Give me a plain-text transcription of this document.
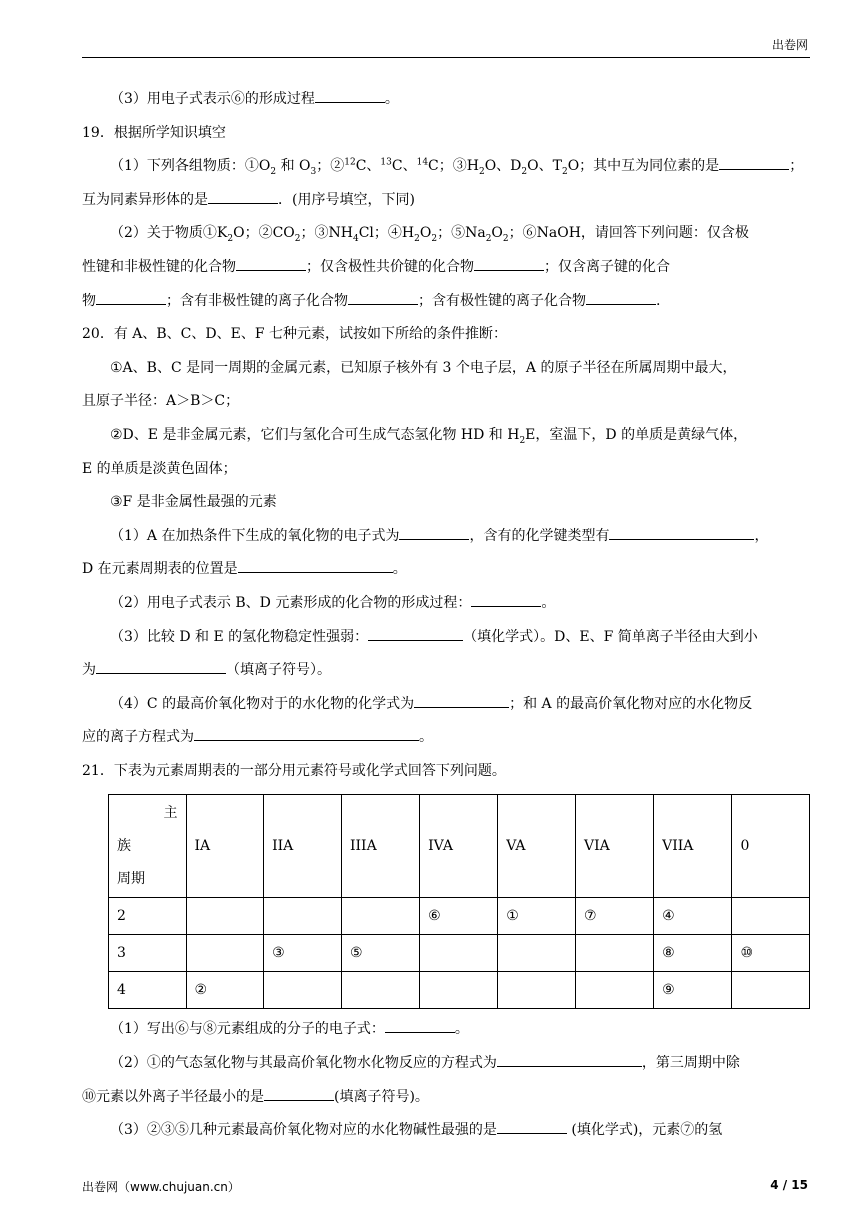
出卷网

（3）用电子式表示⑥的形成过程	。

19．根据所学知识填空

（1）下列各组物质：$①O_2$ 和 $O_3$；②$^{12}$C、$^{13}$C、$^{14}$C；$③H_2O$、$D_2O$、$T_2O$；其中互为同位素的是	；
互为同素异形体的是	．(用序号填空，下同)

（2）关于物质$①K_2O$；$②CO_2$；$③NH_4Cl$；$④H_2O_2$；$⑤Na_2O_2$；⑥NaOH，请回答下列问题：仅含极
性键和非极性键的化合物	；仅含极性共价键的化合物	；仅含离子键的化合
物	；含有非极性键的离子化合物	；含有极性键的离子化合物	.

20．有 A、B、C、D、E、F 七种元素，试按如下所给的条件推断：

①A、B、C 是同一周期的金属元素，已知原子核外有 3 个电子层，A 的原子半径在所属周期中最大，
且原子半径：A＞B＞C；

②D、E 是非金属元素，它们与氢化合可生成气态氢化物 HD 和 $H_2E$，室温下，D 的单质是黄绿气体，
E 的单质是淡黄色固体；

③F 是非金属性最强的元素

（1）A 在加热条件下生成的氧化物的电子式为	，含有的化学键类型有	，
D 在元素周期表的位置是	。

（2）用电子式表示 B、D 元素形成的化合物的形成过程：	。

（3）比较 D 和 E 的氢化物稳定性强弱：	（填化学式）。D、E、F 简单离子半径由大到小
为	（填离子符号）。

（4）C 的最高价氧化物对于的水化物的化学式为	；和 A 的最高价氧化物对应的水化物反
应的离子方程式为	。

21．下表为元素周期表的一部分用元素符号或化学式回答下列问题。

主
族
周期	IA	IIA	IIIA	IVA	VA	VIA	VIIA	0
2				⑥	①	⑦	④	
3		③	⑤				⑧	⑩
4	②						⑨	

（1）写出⑥与⑧元素组成的分子的电子式：	。

（2）①的气态氢化物与其最高价氧化物水化物反应的方程式为	，第三周期中除
⑩元素以外离子半径最小的是	(填离子符号)。

（3）②③⑤几种元素最高价氧化物对应的水化物碱性最强的是	(填化学式)，元素⑦的氢

出卷网（www.chujuan.cn）	4 / 15
